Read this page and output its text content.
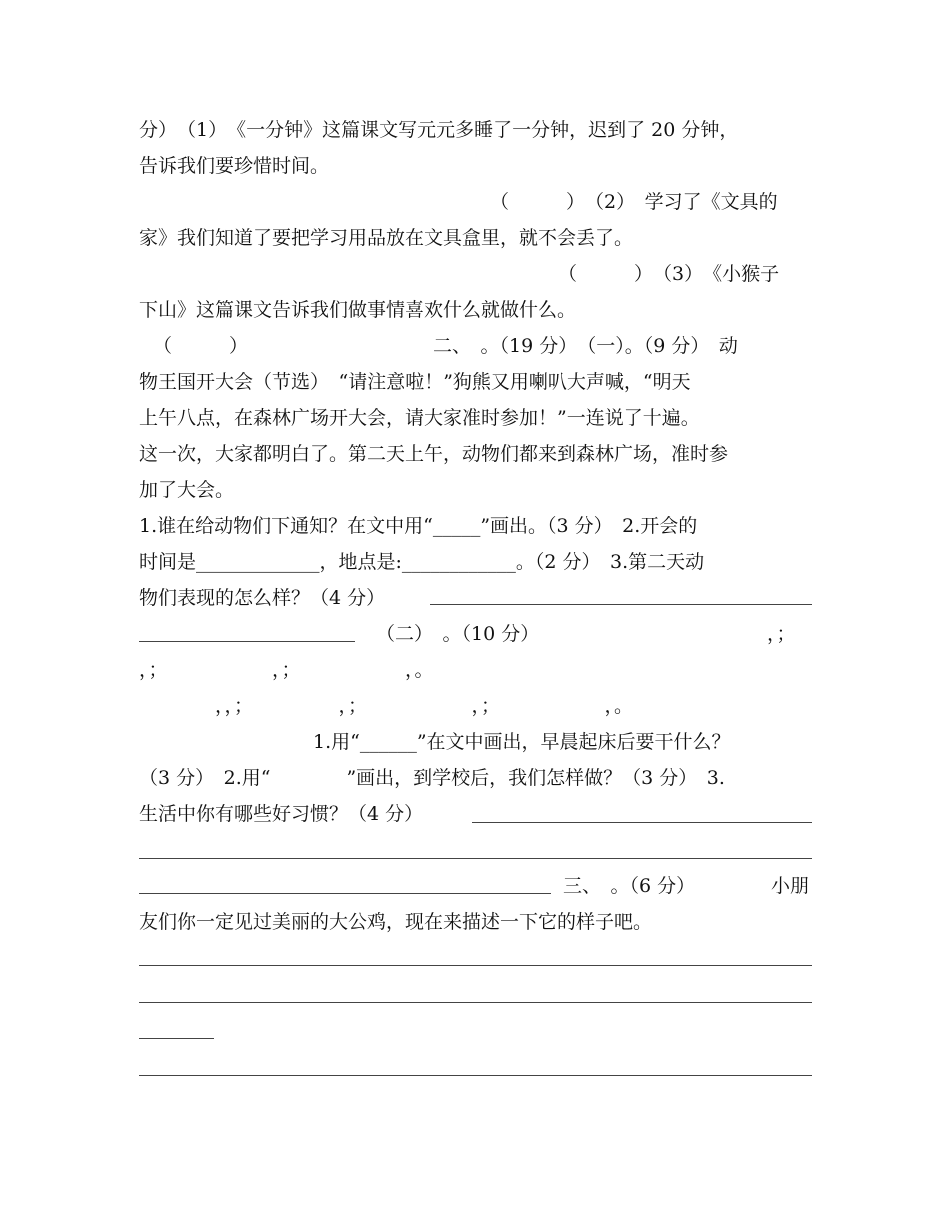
分）　（1）　《一分钟》这篇课文写元元多睡了一分钟，迟到了 20 分钟，

告诉我们要珍惜时间。

（　　　）　（2）　学习了《文具的

家》我们知道了要把学习用品放在文具盒里，就不会丢了。

（　　　）　（3）　《小猴子

下山》这篇课文告诉我们做事情喜欢什么就做什么。

（　　　）

	二、　。（19 分）　（一）。（9 分）　动

物王国开大会（节选）　“请注意啦！”狗熊又用喇叭大声喊，“明天

上午八点，在森林广场开大会，请大家准时参加！”一连说了十遍。

这一次，大家都明白了。第二天上午，动物们都来到森林广场，准时参

加了大会。

1.谁在给动物们下通知？在文中用“_____”画出。（3 分）　2.开会的

时间是_____________，地点是:____________。（2 分）　3.第二天动

物们表现的怎么样？（4 分）

（二）　。（10 分）

	，；

，；　　　　　　，；　　　　　　，。

，，；　　　　　，；　　　　　　，；　　　　　　，。

1.用“______”在文中画出，早晨起床后要干什么？

（3 分）　2.用“　　　　”画出，到学校后，我们怎样做？（3 分）　3.

生活中你有哪些好习惯？（4 分）

三、　。（6 分）

	小朋

友们你一定见过美丽的大公鸡，现在来描述一下它的样子吧。
